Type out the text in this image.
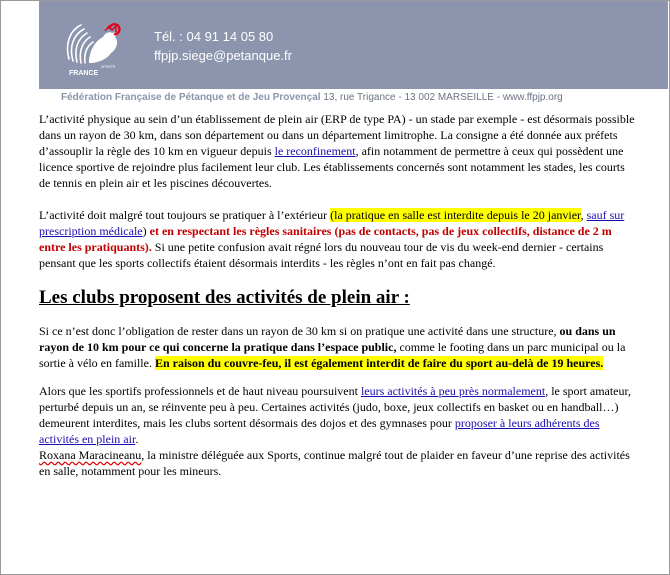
FRANCE
SPORTS
Tél. : 04 91 14 05 80
ffpjp.siege@petanque.fr
Fédération Française de Pétanque et de Jeu Provençal 13, rue Trigance - 13 002 MARSEILLE - www.ffpjp.org

L’activité physique au sein d’un établissement de plein air (ERP de type PA) - un stade par exemple - est désormais possible dans un rayon de 30 km, dans son département ou dans un département limitrophe. La consigne a été donnée aux préfets d’assouplir la règle des 10 km en vigueur depuis le reconfinement, afin notamment de permettre à ceux qui possèdent une licence sportive de rejoindre plus facilement leur club. Les établissements concernés sont notamment les stades, les courts de tennis en plein air et les piscines découvertes.

L’activité doit malgré tout toujours se pratiquer à l’extérieur (la pratique en salle est interdite depuis le 20 janvier, sauf sur prescription médicale) et en respectant les règles sanitaires (pas de contacts, pas de jeux collectifs, distance de 2 m entre les pratiquants). Si une petite confusion avait régné lors du nouveau tour de vis du week-end dernier - certains pensant que les sports collectifs étaient désormais interdits - les règles n’ont en fait pas changé.

Les clubs proposent des activités de plein air :

Si ce n’est donc l’obligation de rester dans un rayon de 30 km si on pratique une activité dans une structure, ou dans un rayon de 10 km pour ce qui concerne la pratique dans l’espace public, comme le footing dans un parc municipal ou la sortie à vélo en famille. En raison du couvre-feu, il est également interdit de faire du sport au-delà de 19 heures.

Alors que les sportifs professionnels et de haut niveau poursuivent leurs activités à peu près normalement, le sport amateur, perturbé depuis un an, se réinvente peu à peu. Certaines activités (judo, boxe, jeux collectifs en basket ou en handball…) demeurent interdites, mais les clubs sortent désormais des dojos et des gymnases pour proposer à leurs adhérents des activités en plein air.
Roxana Maracineanu, la ministre déléguée aux Sports, continue malgré tout de plaider en faveur d’une reprise des activités en salle, notamment pour les mineurs.
